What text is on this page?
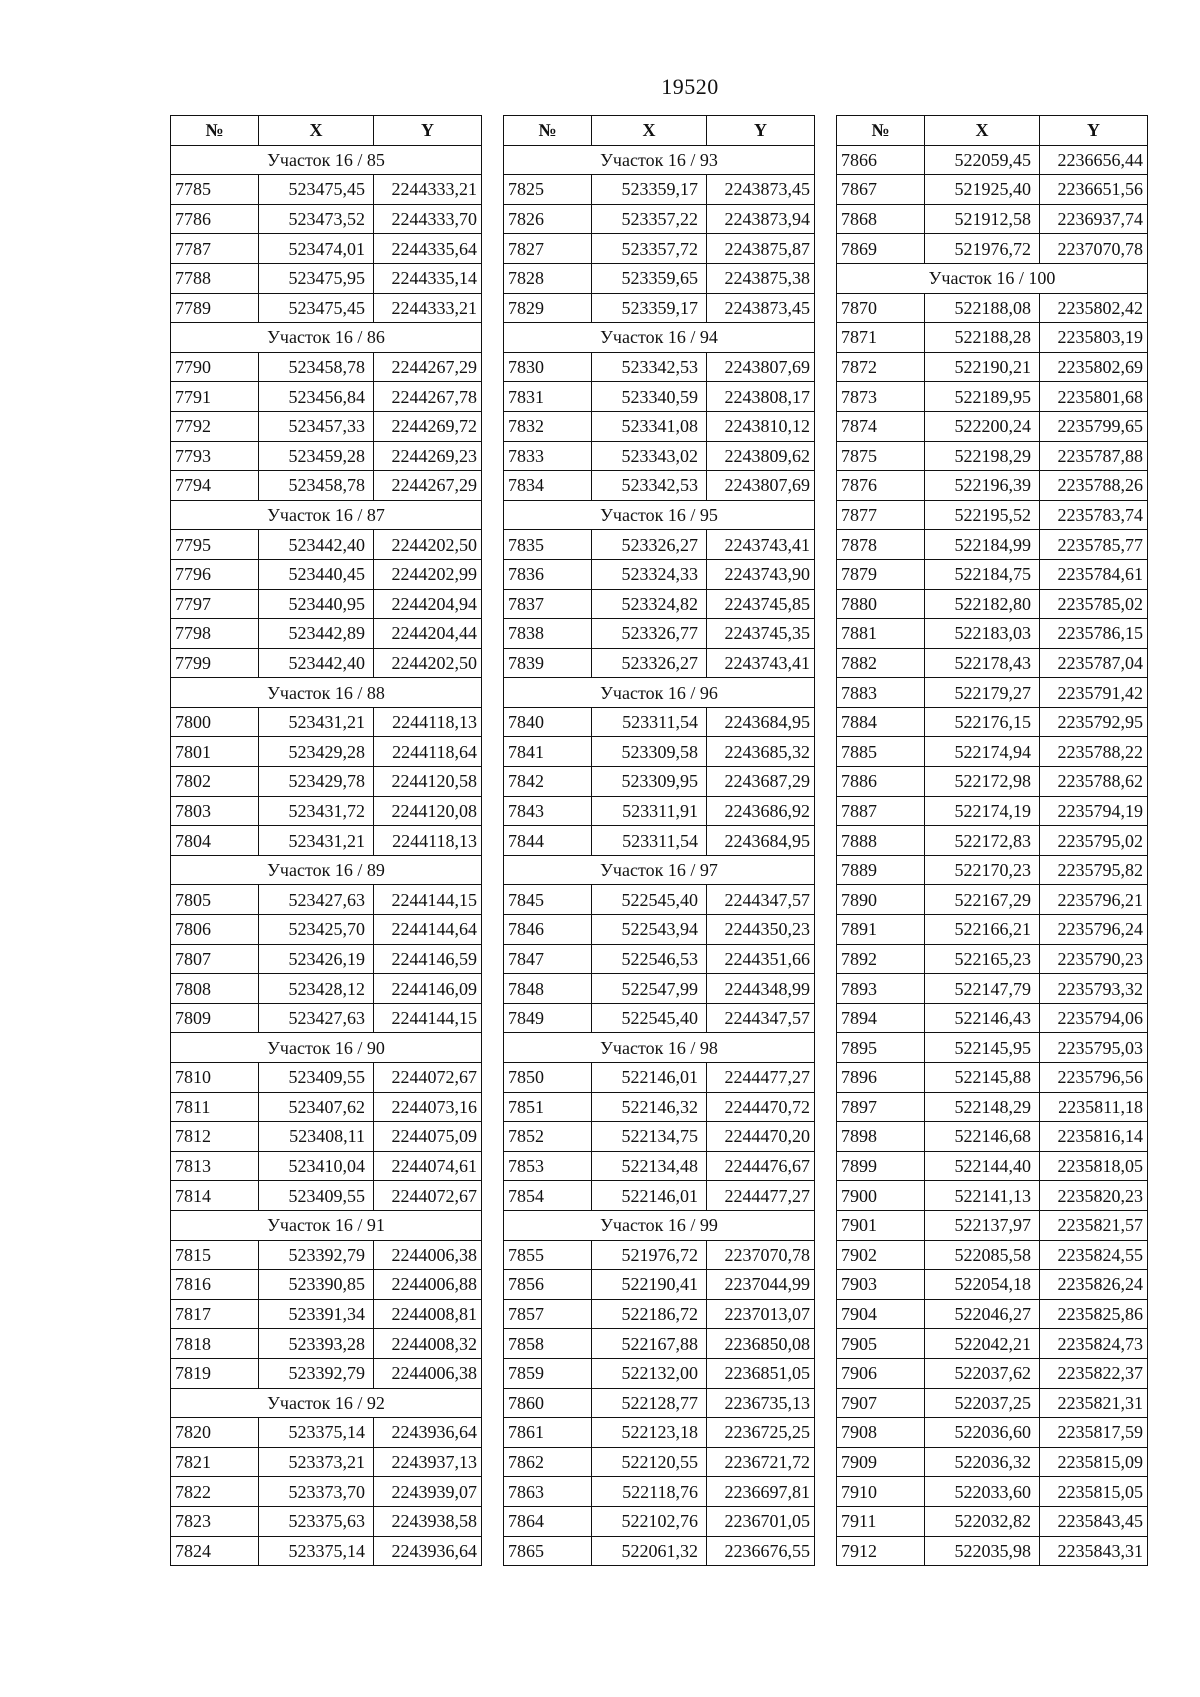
19520
№	X	Y
Участок 16 / 85		
7785	523475,45	2244333,21
7786	523473,52	2244333,70
7787	523474,01	2244335,64
7788	523475,95	2244335,14
7789	523475,45	2244333,21
Участок 16 / 86		
7790	523458,78	2244267,29
7791	523456,84	2244267,78
7792	523457,33	2244269,72
7793	523459,28	2244269,23
7794	523458,78	2244267,29
Участок 16 / 87		
7795	523442,40	2244202,50
7796	523440,45	2244202,99
7797	523440,95	2244204,94
7798	523442,89	2244204,44
7799	523442,40	2244202,50
Участок 16 / 88		
7800	523431,21	2244118,13
7801	523429,28	2244118,64
7802	523429,78	2244120,58
7803	523431,72	2244120,08
7804	523431,21	2244118,13
Участок 16 / 89		
7805	523427,63	2244144,15
7806	523425,70	2244144,64
7807	523426,19	2244146,59
7808	523428,12	2244146,09
7809	523427,63	2244144,15
Участок 16 / 90		
7810	523409,55	2244072,67
7811	523407,62	2244073,16
7812	523408,11	2244075,09
7813	523410,04	2244074,61
7814	523409,55	2244072,67
Участок 16 / 91		
7815	523392,79	2244006,38
7816	523390,85	2244006,88
7817	523391,34	2244008,81
7818	523393,28	2244008,32
7819	523392,79	2244006,38
Участок 16 / 92		
7820	523375,14	2243936,64
7821	523373,21	2243937,13
7822	523373,70	2243939,07
7823	523375,63	2243938,58
7824	523375,14	2243936,64
№	X	Y
Участок 16 / 93		
7825	523359,17	2243873,45
7826	523357,22	2243873,94
7827	523357,72	2243875,87
7828	523359,65	2243875,38
7829	523359,17	2243873,45
Участок 16 / 94		
7830	523342,53	2243807,69
7831	523340,59	2243808,17
7832	523341,08	2243810,12
7833	523343,02	2243809,62
7834	523342,53	2243807,69
Участок 16 / 95		
7835	523326,27	2243743,41
7836	523324,33	2243743,90
7837	523324,82	2243745,85
7838	523326,77	2243745,35
7839	523326,27	2243743,41
Участок 16 / 96		
7840	523311,54	2243684,95
7841	523309,58	2243685,32
7842	523309,95	2243687,29
7843	523311,91	2243686,92
7844	523311,54	2243684,95
Участок 16 / 97		
7845	522545,40	2244347,57
7846	522543,94	2244350,23
7847	522546,53	2244351,66
7848	522547,99	2244348,99
7849	522545,40	2244347,57
Участок 16 / 98		
7850	522146,01	2244477,27
7851	522146,32	2244470,72
7852	522134,75	2244470,20
7853	522134,48	2244476,67
7854	522146,01	2244477,27
Участок 16 / 99		
7855	521976,72	2237070,78
7856	522190,41	2237044,99
7857	522186,72	2237013,07
7858	522167,88	2236850,08
7859	522132,00	2236851,05
7860	522128,77	2236735,13
7861	522123,18	2236725,25
7862	522120,55	2236721,72
7863	522118,76	2236697,81
7864	522102,76	2236701,05
7865	522061,32	2236676,55
№	X	Y
7866	522059,45	2236656,44
7867	521925,40	2236651,56
7868	521912,58	2236937,74
7869	521976,72	2237070,78
Участок 16 / 100		
7870	522188,08	2235802,42
7871	522188,28	2235803,19
7872	522190,21	2235802,69
7873	522189,95	2235801,68
7874	522200,24	2235799,65
7875	522198,29	2235787,88
7876	522196,39	2235788,26
7877	522195,52	2235783,74
7878	522184,99	2235785,77
7879	522184,75	2235784,61
7880	522182,80	2235785,02
7881	522183,03	2235786,15
7882	522178,43	2235787,04
7883	522179,27	2235791,42
7884	522176,15	2235792,95
7885	522174,94	2235788,22
7886	522172,98	2235788,62
7887	522174,19	2235794,19
7888	522172,83	2235795,02
7889	522170,23	2235795,82
7890	522167,29	2235796,21
7891	522166,21	2235796,24
7892	522165,23	2235790,23
7893	522147,79	2235793,32
7894	522146,43	2235794,06
7895	522145,95	2235795,03
7896	522145,88	2235796,56
7897	522148,29	2235811,18
7898	522146,68	2235816,14
7899	522144,40	2235818,05
7900	522141,13	2235820,23
7901	522137,97	2235821,57
7902	522085,58	2235824,55
7903	522054,18	2235826,24
7904	522046,27	2235825,86
7905	522042,21	2235824,73
7906	522037,62	2235822,37
7907	522037,25	2235821,31
7908	522036,60	2235817,59
7909	522036,32	2235815,09
7910	522033,60	2235815,05
7911	522032,82	2235843,45
7912	522035,98	2235843,31
